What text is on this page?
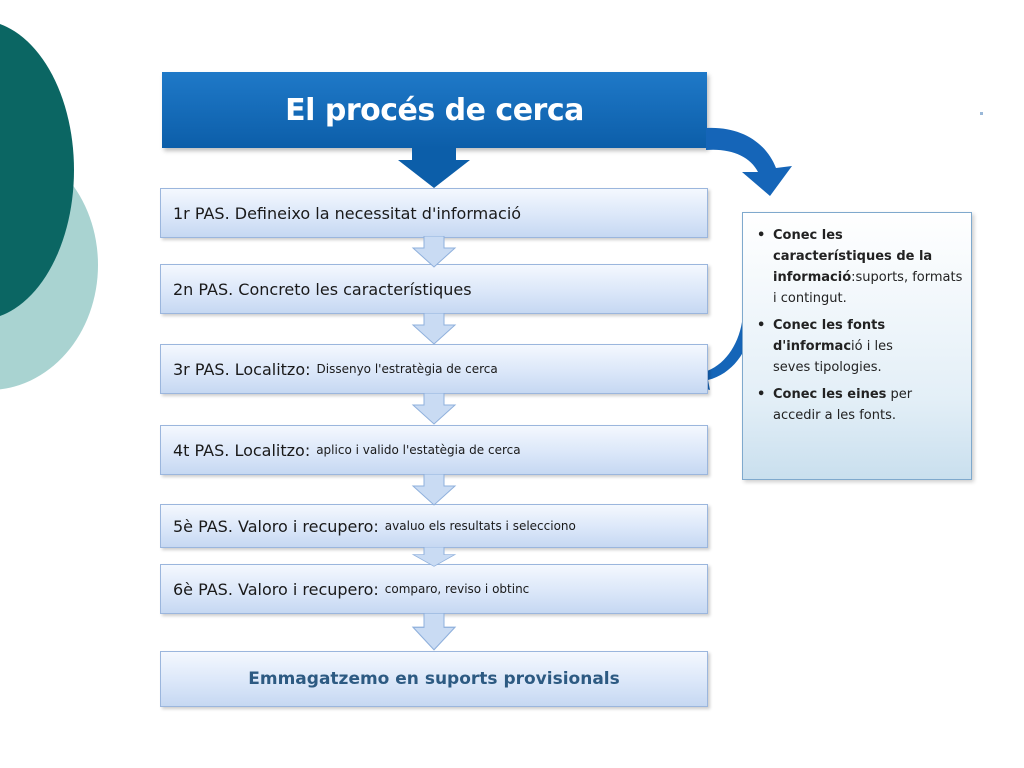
El procés de cerca
1r PAS. Defineixo la necessitat d'informació
2n PAS. Concreto les característiques
3r PAS. Localitzo: Dissenyo l'estratègia de cerca
4t PAS. Localitzo: aplico i valido l'estatègia de cerca
5è PAS. Valoro i recupero: avaluo els resultats i selecciono
6è PAS. Valoro i recupero: comparo, reviso i obtinc
Emmagatzemo en suports provisionals
• Conec les
característiques de la informació:suports, formats i contingut.
• Conec les fonts d'informació i les
seves tipologies.
• Conec les eines per accedir a les fonts.
